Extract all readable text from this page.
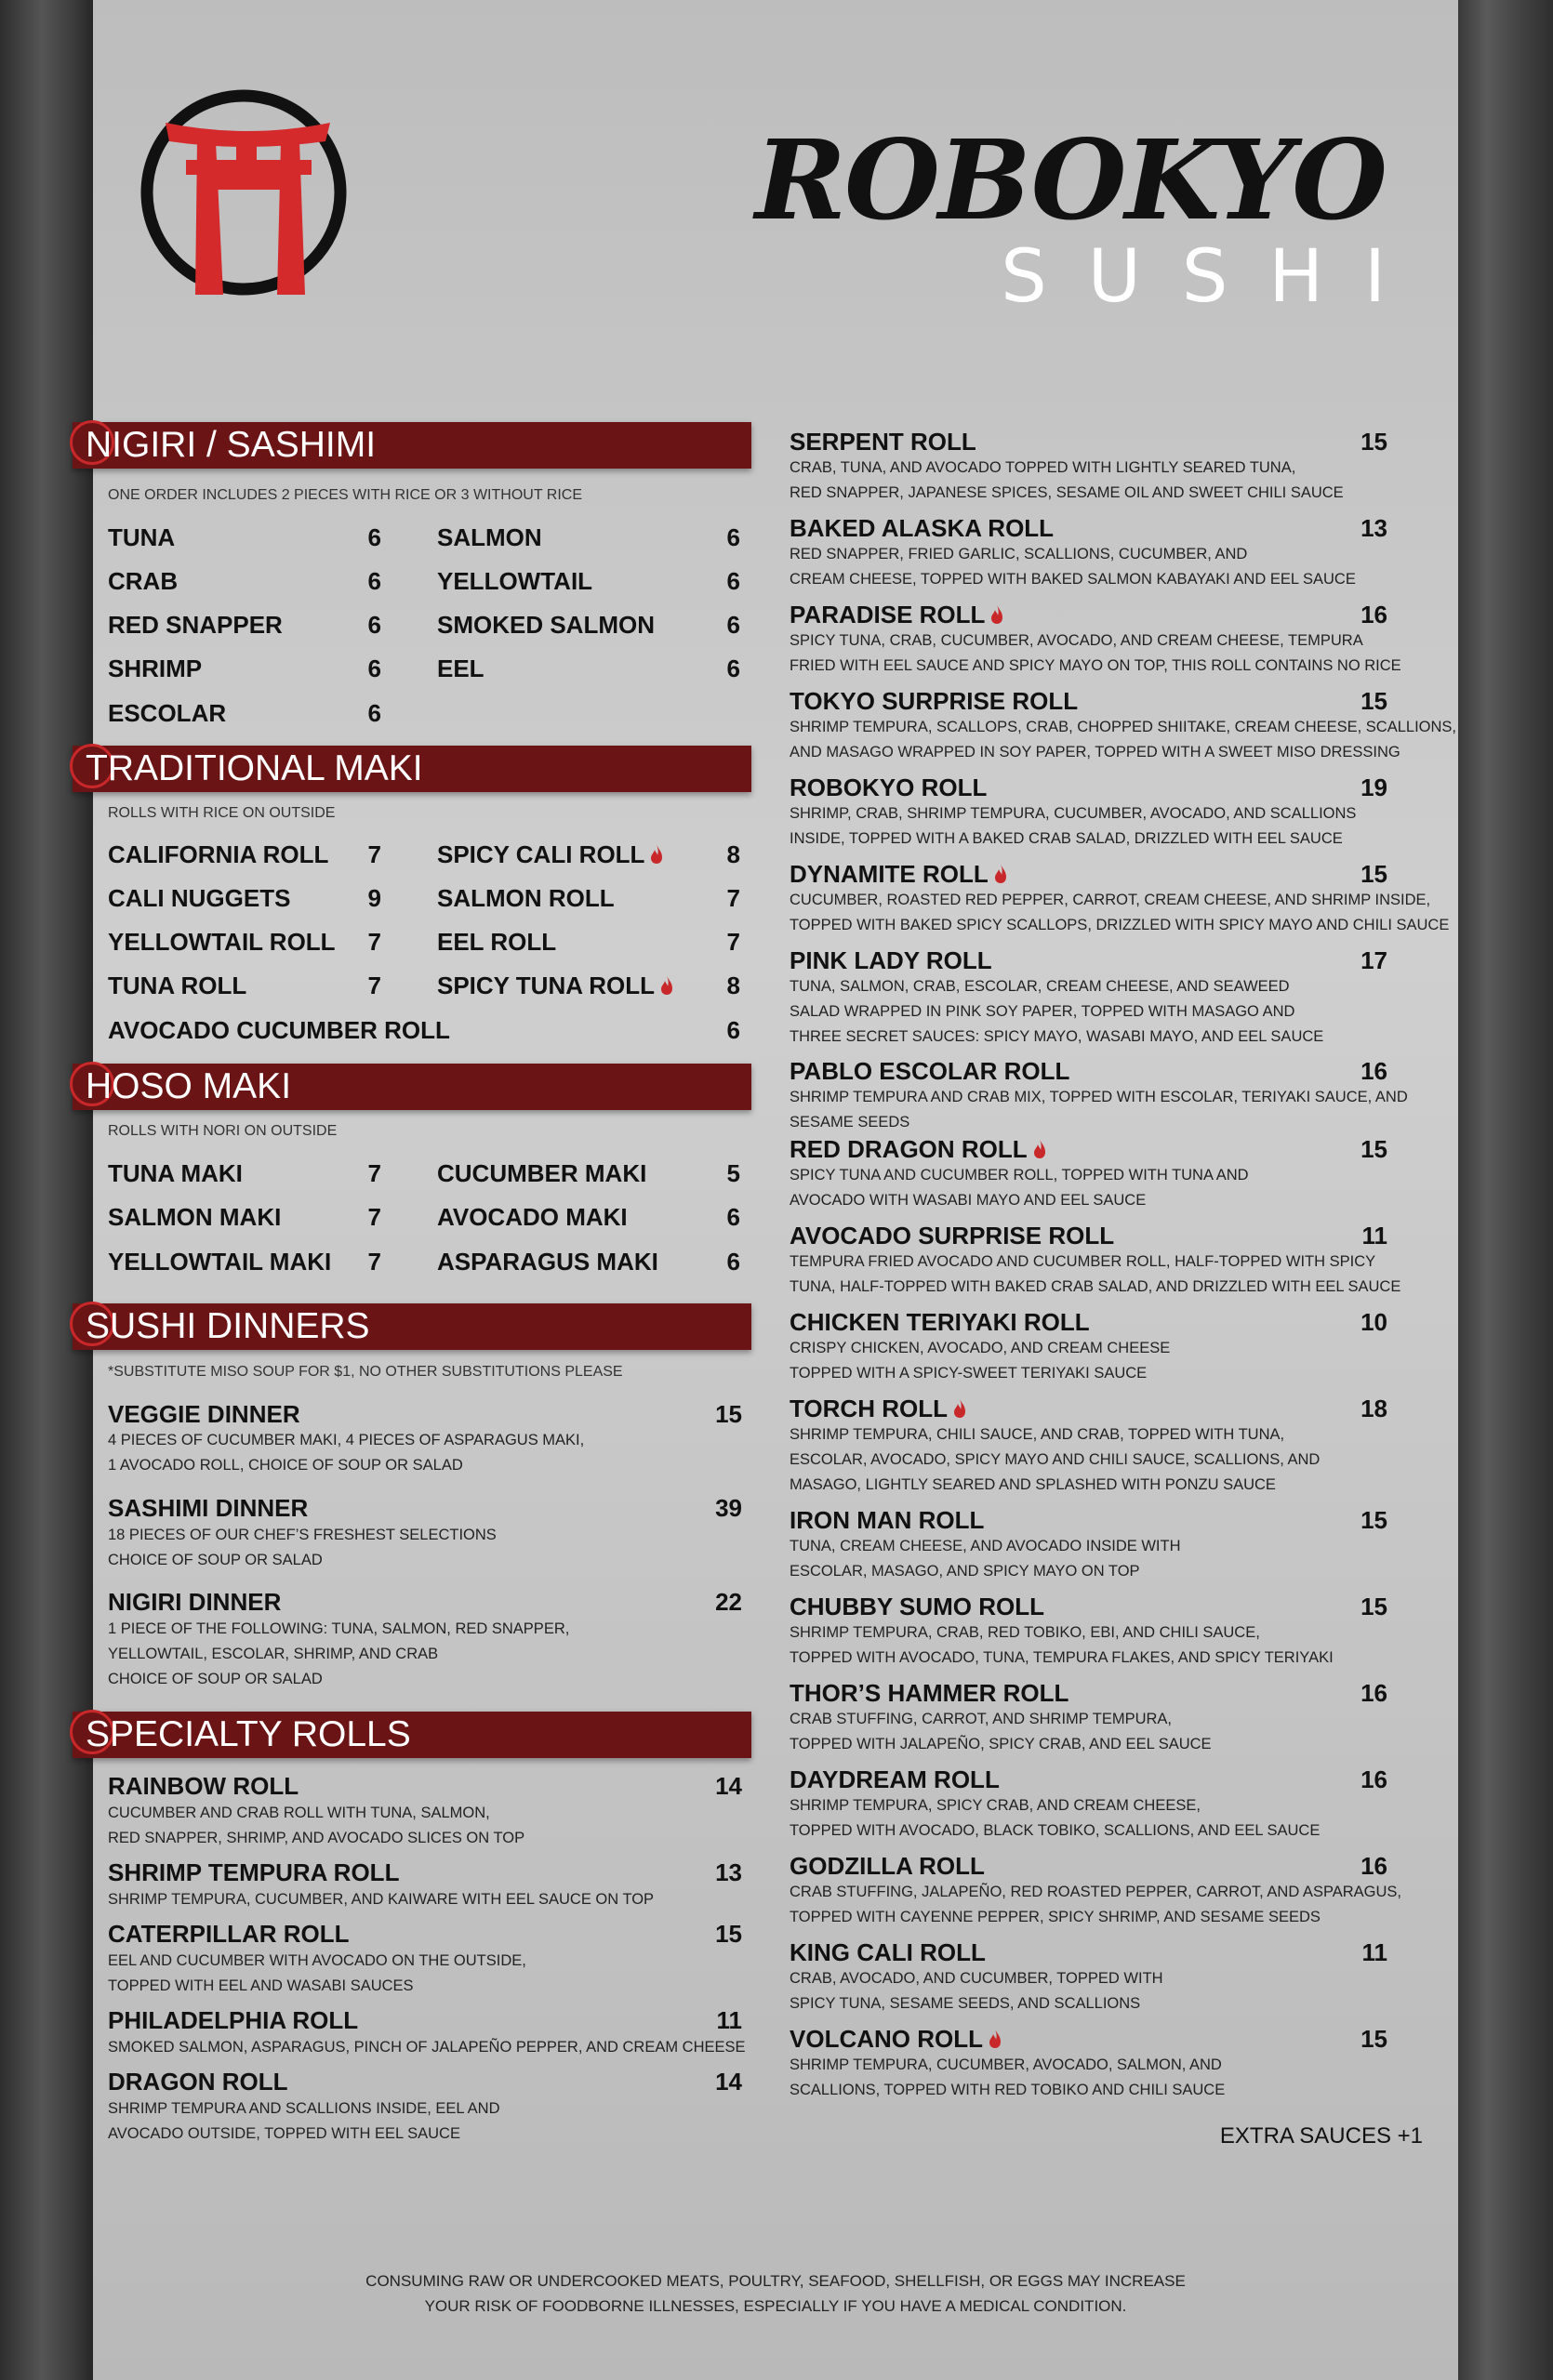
ROBOKYO
SUSHI
NIGIRI / SASHIMI
ONE ORDER INCLUDES 2 PIECES WITH RICE OR 3 WITHOUT RICE
TUNA	6 SALMON	6
CRAB	6 YELLOWTAIL	6
RED SNAPPER	6 SMOKED SALMON	6
SHRIMP	6 EEL	6
ESCOLAR	6
TRADITIONAL MAKI
ROLLS WITH RICE ON OUTSIDE
CALIFORNIA ROLL	7 SPICY CALI ROLL	8
CALI NUGGETS	9 SALMON ROLL	7
YELLOWTAIL ROLL	7 EEL ROLL	7
TUNA ROLL	7 SPICY TUNA ROLL	8
AVOCADO CUCUMBER ROLL	6
HOSO MAKI
ROLLS WITH NORI ON OUTSIDE
TUNA MAKI	7 CUCUMBER MAKI	5
SALMON MAKI	7 AVOCADO MAKI	6
YELLOWTAIL MAKI	7 ASPARAGUS MAKI	6
SUSHI DINNERS
*SUBSTITUTE MISO SOUP FOR $1, NO OTHER SUBSTITUTIONS PLEASE
VEGGIE DINNER	15
4 PIECES OF CUCUMBER MAKI, 4 PIECES OF ASPARAGUS MAKI,
1 AVOCADO ROLL, CHOICE OF SOUP OR SALAD
SASHIMI DINNER	39
18 PIECES OF OUR CHEF’S FRESHEST SELECTIONS
CHOICE OF SOUP OR SALAD
NIGIRI DINNER	22
1 PIECE OF THE FOLLOWING: TUNA, SALMON, RED SNAPPER,
YELLOWTAIL, ESCOLAR, SHRIMP, AND CRAB
CHOICE OF SOUP OR SALAD
SPECIALTY ROLLS
RAINBOW ROLL	14
CUCUMBER AND CRAB ROLL WITH TUNA, SALMON,
RED SNAPPER, SHRIMP, AND AVOCADO SLICES ON TOP
SHRIMP TEMPURA ROLL	13
SHRIMP TEMPURA, CUCUMBER, AND KAIWARE WITH EEL SAUCE ON TOP
CATERPILLAR ROLL	15
EEL AND CUCUMBER WITH AVOCADO ON THE OUTSIDE,
TOPPED WITH EEL AND WASABI SAUCES
PHILADELPHIA ROLL	11
SMOKED SALMON, ASPARAGUS, PINCH OF JALAPEÑO PEPPER, AND CREAM CHEESE
DRAGON ROLL	14
SHRIMP TEMPURA AND SCALLIONS INSIDE, EEL AND
AVOCADO OUTSIDE, TOPPED WITH EEL SAUCE
SERPENT ROLL	15
CRAB, TUNA, AND AVOCADO TOPPED WITH LIGHTLY SEARED TUNA,
RED SNAPPER, JAPANESE SPICES, SESAME OIL AND SWEET CHILI SAUCE
BAKED ALASKA ROLL	13
RED SNAPPER, FRIED GARLIC, SCALLIONS, CUCUMBER, AND
CREAM CHEESE, TOPPED WITH BAKED SALMON KABAYAKI AND EEL SAUCE
PARADISE ROLL	16
SPICY TUNA, CRAB, CUCUMBER, AVOCADO, AND CREAM CHEESE, TEMPURA
FRIED WITH EEL SAUCE AND SPICY MAYO ON TOP, THIS ROLL CONTAINS NO RICE
TOKYO SURPRISE ROLL	15
SHRIMP TEMPURA, SCALLOPS, CRAB, CHOPPED SHIITAKE, CREAM CHEESE, SCALLIONS,
AND MASAGO WRAPPED IN SOY PAPER, TOPPED WITH A SWEET MISO DRESSING
ROBOKYO ROLL	19
SHRIMP, CRAB, SHRIMP TEMPURA, CUCUMBER, AVOCADO, AND SCALLIONS
INSIDE, TOPPED WITH A BAKED CRAB SALAD, DRIZZLED WITH EEL SAUCE
DYNAMITE ROLL	15
CUCUMBER, ROASTED RED PEPPER, CARROT, CREAM CHEESE, AND SHRIMP INSIDE,
TOPPED WITH BAKED SPICY SCALLOPS, DRIZZLED WITH SPICY MAYO AND CHILI SAUCE
PINK LADY ROLL	17
TUNA, SALMON, CRAB, ESCOLAR, CREAM CHEESE, AND SEAWEED
SALAD WRAPPED IN PINK SOY PAPER, TOPPED WITH MASAGO AND
THREE SECRET SAUCES: SPICY MAYO, WASABI MAYO, AND EEL SAUCE
PABLO ESCOLAR ROLL	16
SHRIMP TEMPURA AND CRAB MIX, TOPPED WITH ESCOLAR, TERIYAKI SAUCE, AND
SESAME SEEDS
RED DRAGON ROLL	15
SPICY TUNA AND CUCUMBER ROLL, TOPPED WITH TUNA AND
AVOCADO WITH WASABI MAYO AND EEL SAUCE
AVOCADO SURPRISE ROLL	11
TEMPURA FRIED AVOCADO AND CUCUMBER ROLL, HALF-TOPPED WITH SPICY
TUNA, HALF-TOPPED WITH BAKED CRAB SALAD, AND DRIZZLED WITH EEL SAUCE
CHICKEN TERIYAKI ROLL	10
CRISPY CHICKEN, AVOCADO, AND CREAM CHEESE
TOPPED WITH A SPICY-SWEET TERIYAKI SAUCE
TORCH ROLL	18
SHRIMP TEMPURA, CHILI SAUCE, AND CRAB, TOPPED WITH TUNA,
ESCOLAR, AVOCADO, SPICY MAYO AND CHILI SAUCE, SCALLIONS, AND
MASAGO, LIGHTLY SEARED AND SPLASHED WITH PONZU SAUCE
IRON MAN ROLL	15
TUNA, CREAM CHEESE, AND AVOCADO INSIDE WITH
ESCOLAR, MASAGO, AND SPICY MAYO ON TOP
CHUBBY SUMO ROLL	15
SHRIMP TEMPURA, CRAB, RED TOBIKO, EBI, AND CHILI SAUCE,
TOPPED WITH AVOCADO, TUNA, TEMPURA FLAKES, AND SPICY TERIYAKI
THOR’S HAMMER ROLL	16
CRAB STUFFING, CARROT, AND SHRIMP TEMPURA,
TOPPED WITH JALAPEÑO, SPICY CRAB, AND EEL SAUCE
DAYDREAM ROLL	16
SHRIMP TEMPURA, SPICY CRAB, AND CREAM CHEESE,
TOPPED WITH AVOCADO, BLACK TOBIKO, SCALLIONS, AND EEL SAUCE
GODZILLA ROLL	16
CRAB STUFFING, JALAPEÑO, RED ROASTED PEPPER, CARROT, AND ASPARAGUS,
TOPPED WITH CAYENNE PEPPER, SPICY SHRIMP, AND SESAME SEEDS
KING CALI ROLL	11
CRAB, AVOCADO, AND CUCUMBER, TOPPED WITH
SPICY TUNA, SESAME SEEDS, AND SCALLIONS
VOLCANO ROLL	15
SHRIMP TEMPURA, CUCUMBER, AVOCADO, SALMON, AND
SCALLIONS, TOPPED WITH RED TOBIKO AND CHILI SAUCE
EXTRA SAUCES +1
CONSUMING RAW OR UNDERCOOKED MEATS, POULTRY, SEAFOOD, SHELLFISH, OR EGGS MAY INCREASE
YOUR RISK OF FOODBORNE ILLNESSES, ESPECIALLY IF YOU HAVE A MEDICAL CONDITION.
